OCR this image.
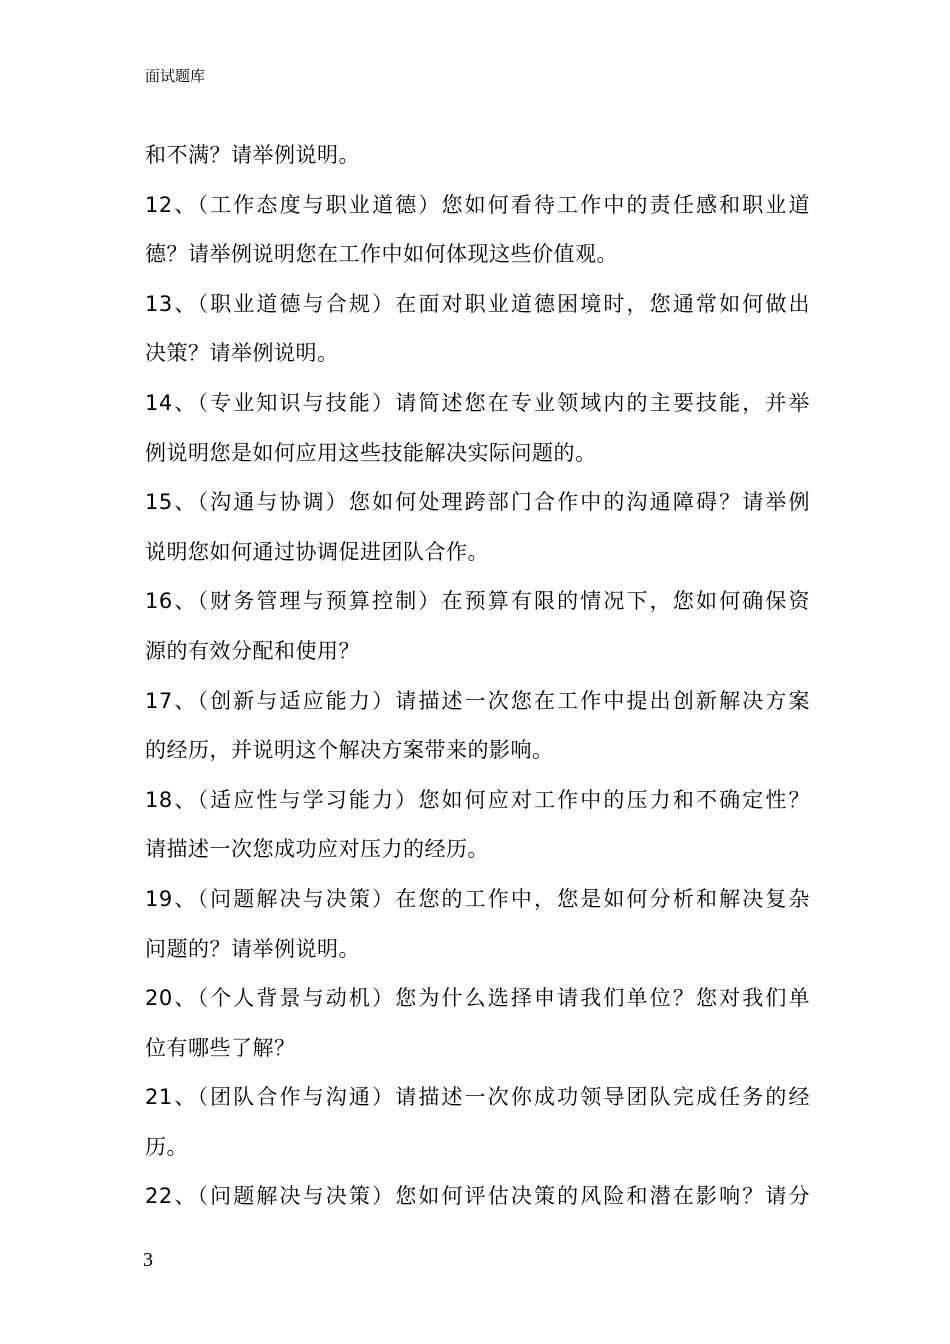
面试题库
和不满？请举例说明。
12、（工作态度与职业道德）您如何看待工作中的责任感和职业道
德？请举例说明您在工作中如何体现这些价值观。
13、（职业道德与合规）在面对职业道德困境时，您通常如何做出
决策？请举例说明。
14、（专业知识与技能）请简述您在专业领域内的主要技能，并举
例说明您是如何应用这些技能解决实际问题的。
15、（沟通与协调）您如何处理跨部门合作中的沟通障碍？请举例
说明您如何通过协调促进团队合作。
16、（财务管理与预算控制）在预算有限的情况下，您如何确保资
源的有效分配和使用？
17、（创新与适应能力）请描述一次您在工作中提出创新解决方案
的经历，并说明这个解决方案带来的影响。
18、（适应性与学习能力）您如何应对工作中的压力和不确定性？
请描述一次您成功应对压力的经历。
19、（问题解决与决策）在您的工作中，您是如何分析和解决复杂
问题的？请举例说明。
20、（个人背景与动机）您为什么选择申请我们单位？您对我们单
位有哪些了解？
21、（团队合作与沟通）请描述一次你成功领导团队完成任务的经
历。
22、（问题解决与决策）您如何评估决策的风险和潜在影响？请分
3
